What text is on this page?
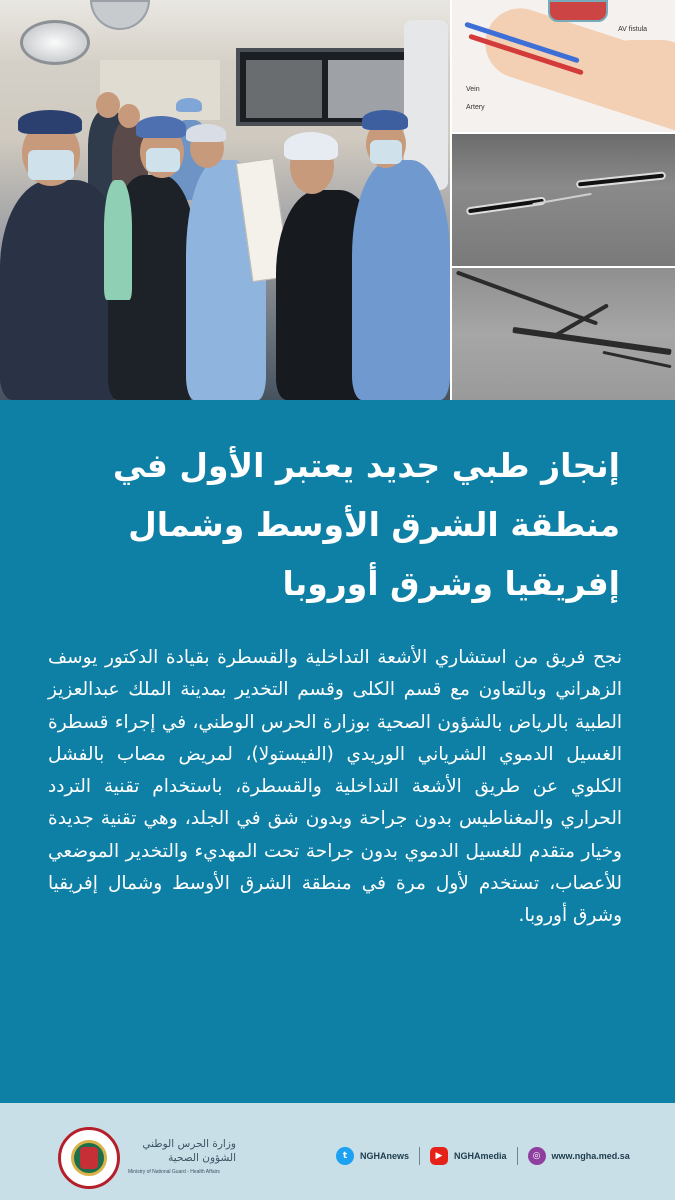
AV fistula
Vein
Artery
إنجاز طبي جديد يعتبر الأول في
منطقة الشرق الأوسط وشمال
إفريقيا وشرق أوروبا

نجح فريق من استشاري الأشعة التداخلية والقسطرة بقيادة الدكتور يوسف الزهراني وبالتعاون مع قسم الكلى وقسم التخدير بمدينة الملك عبدالعزيز الطبية بالرياض بالشؤون الصحية بوزارة الحرس الوطني، في إجراء قسطرة الغسيل الدموي الشرياني الوريدي (الفيستولا)، لمريض مصاب بالفشل الكلوي عن طريق الأشعة التداخلية والقسطرة، باستخدام تقنية التردد الحراري والمغناطيس بدون جراحة وبدون شق في الجلد، وهي تقنية جديدة وخيار متقدم للغسيل الدموي بدون جراحة تحت المهديء والتخدير الموضعي للأعصاب، تستخدم لأول مرة في منطقة الشرق الأوسط وشمال إفريقيا وشرق أوروبا.

وزارة الحرس الوطني
الشؤون الصحية
Ministry of National Guard - Health Affairs
t	NGHAnews	▶	NGHAmedia	◎	www.ngha.med.sa
